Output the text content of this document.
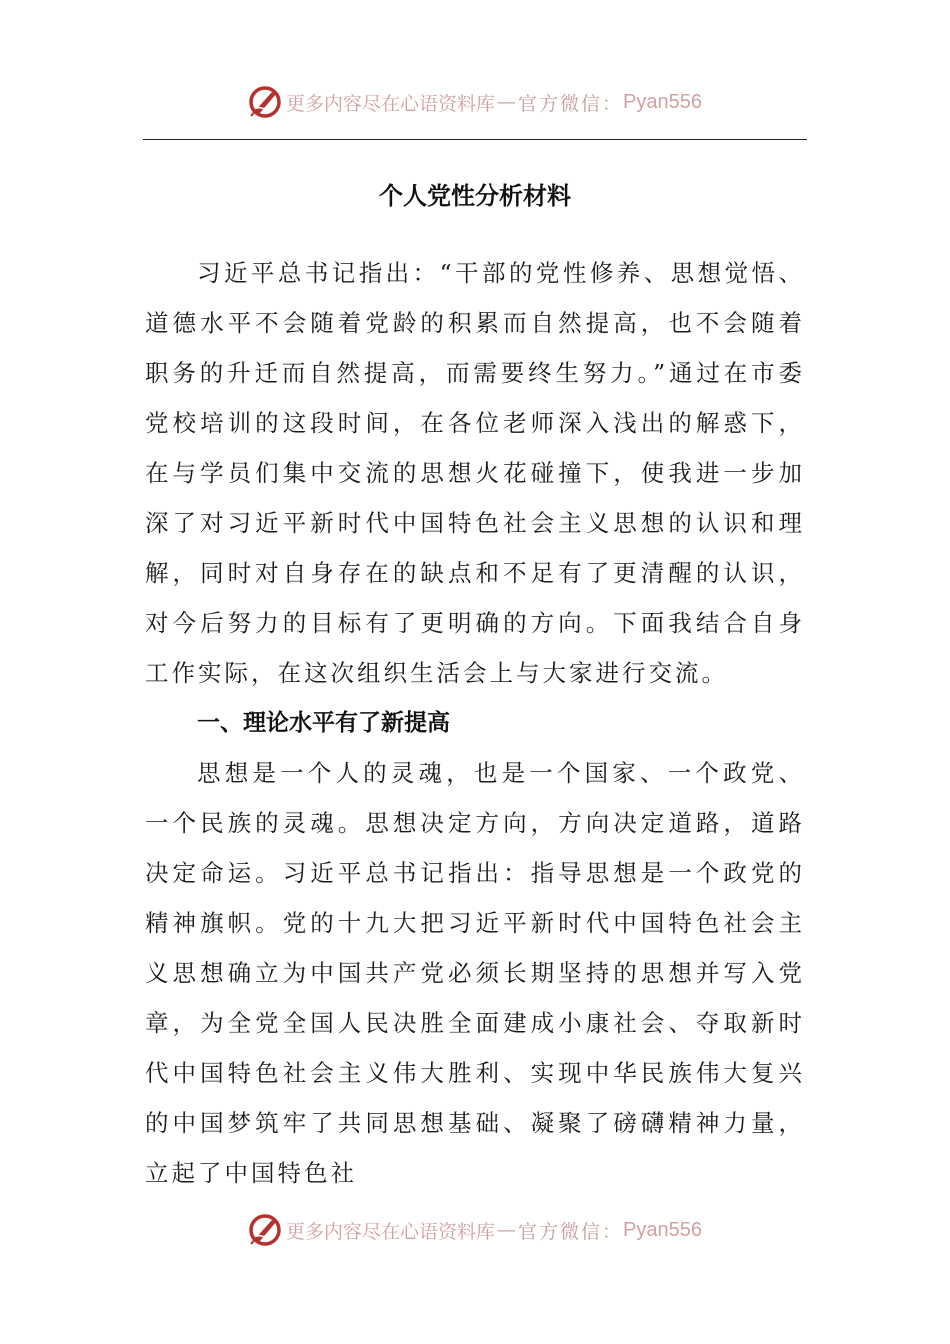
更多内容尽在心语资料库 — 官方微信： Pyan556
个人党性分析材料

习近平总书记指出：“干部的党性修养、思想觉悟、道德水平不会随着党龄的积累而自然提高，也不会随着职务的升迁而自然提高，而需要终生努力。”通过在市委党校培训的这段时间，在各位老师深入浅出的解惑下，在与学员们集中交流的思想火花碰撞下，使我进一步加深了对习近平新时代中国特色社会主义思想的认识和理解，同时对自身存在的缺点和不足有了更清醒的认识，对今后努力的目标有了更明确的方向。下面我结合自身工作实际，在这次组织生活会上与大家进行交流。

一、理论水平有了新提高

思想是一个人的灵魂，也是一个国家、一个政党、一个民族的灵魂。思想决定方向，方向决定道路，道路决定命运。习近平总书记指出：指导思想是一个政党的精神旗帜。党的十九大把习近平新时代中国特色社会主义思想确立为中国共产党必须长期坚持的思想并写入党章，为全党全国人民决胜全面建成小康社会、夺取新时代中国特色社会主义伟大胜利、实现中华民族伟大复兴的中国梦筑牢了共同思想基础、凝聚了磅礴精神力量，立起了中国特色社

更多内容尽在心语资料库 — 官方微信： Pyan556
